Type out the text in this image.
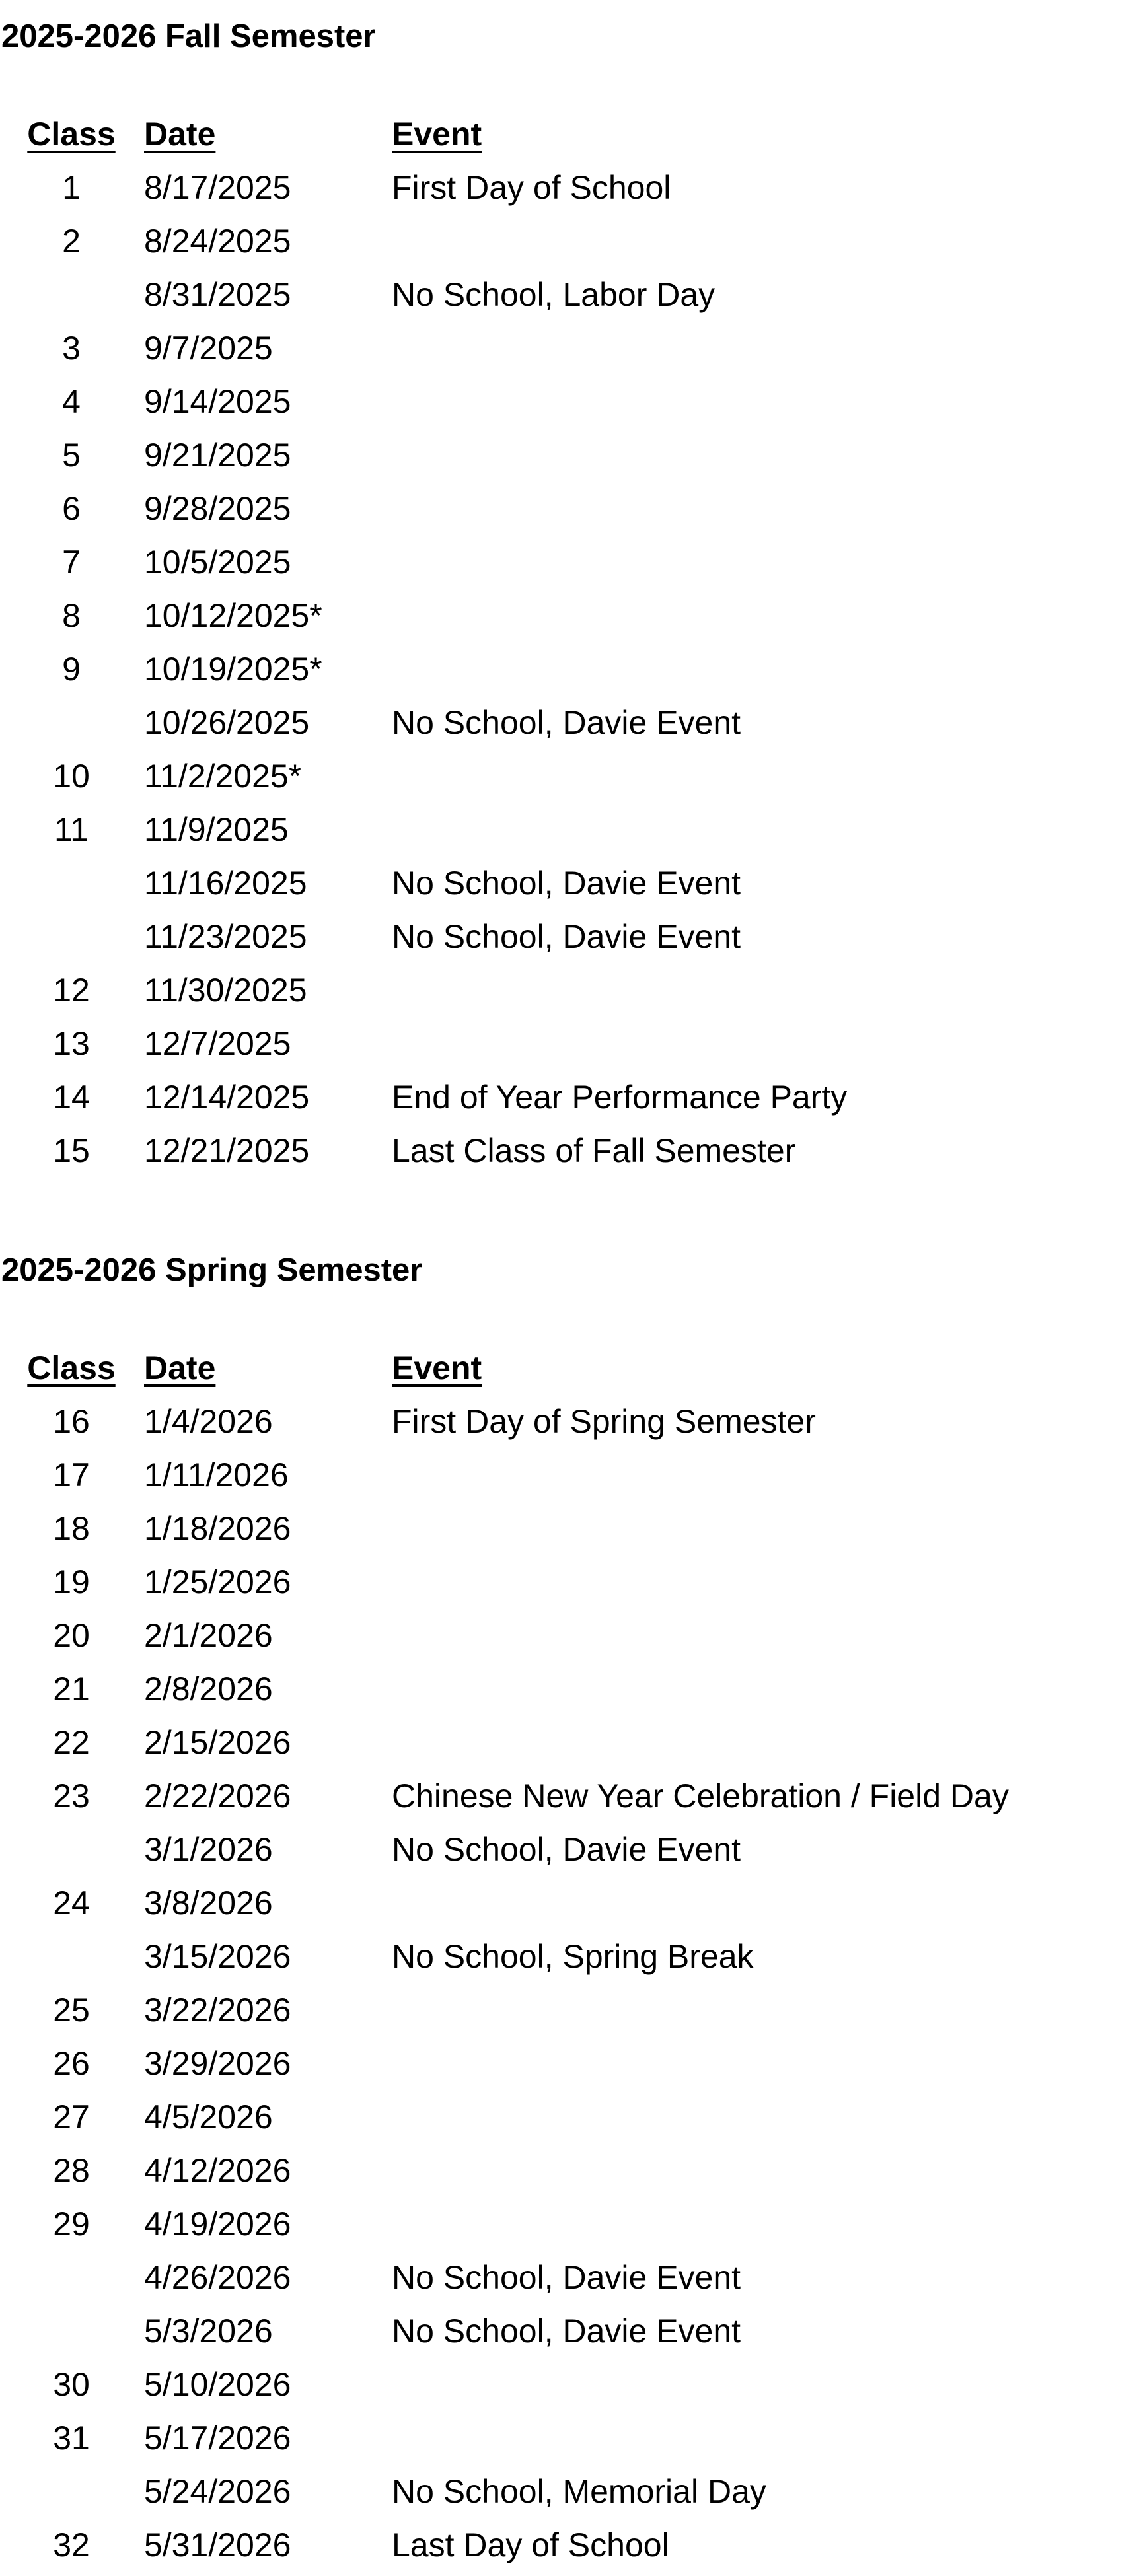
2025-2026 Fall Semester
Class Date	Event
1	8/17/2025	First Day of School
2	8/24/2025
8/31/2025	No School, Labor Day
3	9/7/2025
4	9/14/2025
5	9/21/2025
6	9/28/2025
7	10/5/2025
8	10/12/2025*
9	10/19/2025*
10/26/2025 No School, Davie Event
10	11/2/2025*
11	11/9/2025
11/16/2025	No School, Davie Event
11/23/2025	No School, Davie Event
12	11/30/2025
13	12/7/2025
14	12/14/2025 End of Year Performance Party
15	12/21/2025 Last Class of Fall Semester
2025-2026 Spring Semester
Class Date	Event
16	1/4/2026	First Day of Spring Semester
17	1/11/2026
18	1/18/2026
19	1/25/2026
20	2/1/2026
21	2/8/2026
22	2/15/2026
23	2/22/2026	Chinese New Year Celebration / Field Day
3/1/2026	No School, Davie Event
24	3/8/2026
3/15/2026	No School, Spring Break
25	3/22/2026
26	3/29/2026
27	4/5/2026
28	4/12/2026
29	4/19/2026
4/26/2026	No School, Davie Event
5/3/2026	No School, Davie Event
30	5/10/2026
31	5/17/2026
5/24/2026	No School, Memorial Day
32	5/31/2026	Last Day of School
